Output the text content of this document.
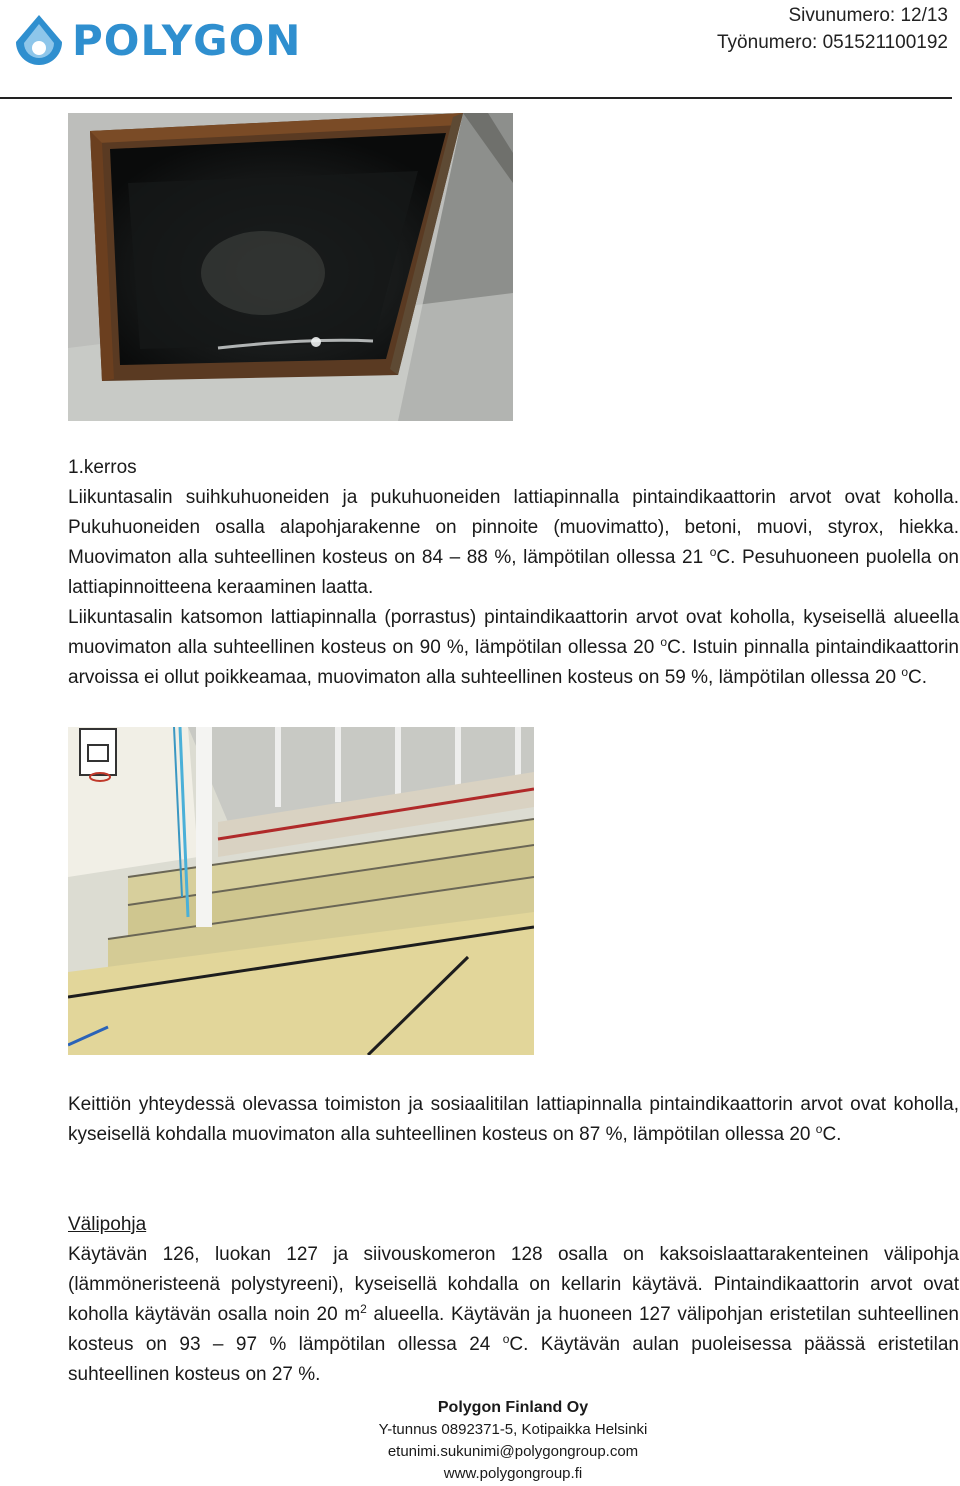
POLYGON
Sivunumero: 12/13
Työnumero: 051521100192

1.kerros

Liikuntasalin suihkuhuoneiden ja pukuhuoneiden lattiapinnalla pintaindikaattorin arvot ovat koholla. Pukuhuoneiden osalla alapohjarakenne on pinnoite (muovimatto), betoni, muovi, styrox, hiekka. Muovimaton alla suhteellinen kosteus on 84 – 88 %, lämpötilan ollessa 21 $^o$C. Pesuhuoneen puolella on lattiapinnoitteena keraaminen laatta.

Liikuntasalin katsomon lattiapinnalla (porrastus) pintaindikaattorin arvot ovat koholla, kyseisellä alueella muovimaton alla suhteellinen kosteus on 90 %, lämpötilan ollessa 20 $^o$C. Istuin pinnalla pintaindikaattorin arvoissa ei ollut poikkeamaa, muovimaton alla suhteellinen kosteus on 59 %, lämpötilan ollessa 20 $^o$C.

Keittiön yhteydessä olevassa toimiston ja sosiaalitilan lattiapinnalla pintaindikaattorin arvot ovat koholla, kyseisellä kohdalla muovimaton alla suhteellinen kosteus on 87 %, lämpötilan ollessa 20 $^o$C.

Välipohja

Käytävän 126, luokan 127 ja siivouskomeron 128 osalla on kaksoislaattarakenteinen välipohja (lämmöneristeenä polystyreeni), kyseisellä kohdalla on kellarin käytävä. Pintaindikaattorin arvot ovat koholla käytävän osalla noin 20 $m^2$ alueella. Käytävän ja huoneen 127 välipohjan eristetilan suhteellinen kosteus on 93 – 97 % lämpötilan ollessa 24 $^o$C. Käytävän aulan puoleisessa päässä eristetilan suhteellinen kosteus on 27 %.

Polygon Finland Oy
Y-tunnus 0892371-5, Kotipaikka Helsinki
etunimi.sukunimi@polygongroup.com
www.polygongroup.fi
